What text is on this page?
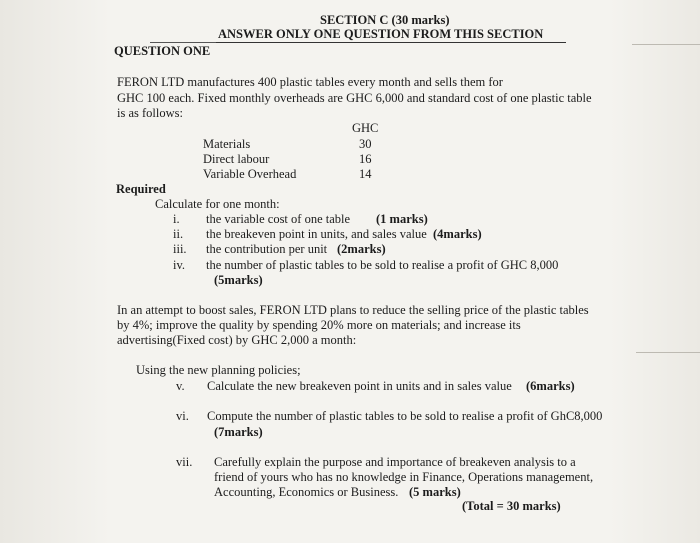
SECTION C (30 marks)
ANSWER ONLY ONE QUESTION FROM THIS SECTION
QUESTION ONE
FERON LTD manufactures 400 plastic tables every month and sells them for
GHC 100 each. Fixed monthly overheads are GHC 6,000 and standard cost of one plastic table
is as follows:
GHC
Materials	30
Direct labour	16
Variable Overhead	14
Required
Calculate for one month:
i. the variable cost of one table (1 marks)
ii. the breakeven point in units, and sales value (4marks)
iii. the contribution per unit (2marks)
iv. the number of plastic tables to be sold to realise a profit of GHC 8,000
(5marks)
In an attempt to boost sales, FERON LTD plans to reduce the selling price of the plastic tables
by 4%; improve the quality by spending 20% more on materials; and increase its
advertising(Fixed cost) by GHC 2,000 a month:
Using the new planning policies;
v. Calculate the new breakeven point in units and in sales value (6marks)
vi. Compute the number of plastic tables to be sold to realise a profit of GhC8,000
(7marks)
vii. Carefully explain the purpose and importance of breakeven analysis to a
friend of yours who has no knowledge in Finance, Operations management,
Accounting, Economics or Business. (5 marks)
(Total = 30 marks)
